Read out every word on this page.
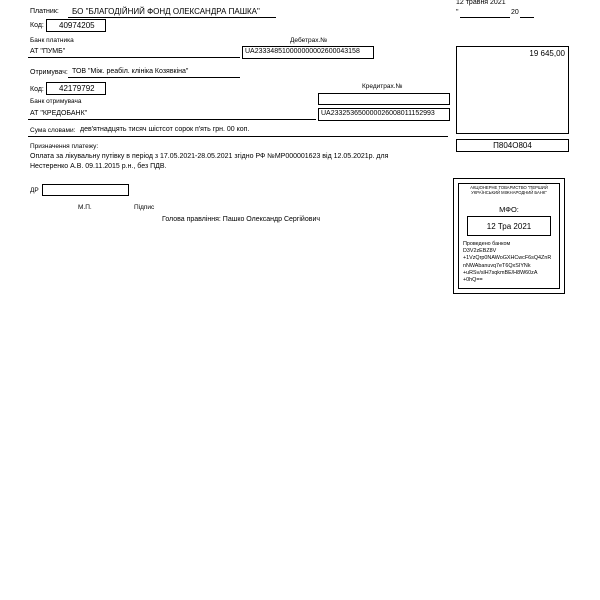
12 травня 2021
"	20
Платник: БО "БЛАГОДІЙНИЙ ФОНД ОЛЕКСАНДРА ПАШКА"
Код:	40974205
Банк платника	Дебетрах.№
АТ "ПУМБ"	UA233348510000000002600043158	19 645,00
Отримувач: ТОВ "Між. реабіл. клініка Козявкіна"
Код:	42179792	Кредитрах.№
Банк отримувача
АТ "КРЕДОБАНК"	UA233253650000026008011152993
Сума словами: дев'ятнадцять тисяч шістсот сорок п'ять грн. 00 коп.
Призначення платежу:
Оплата за лікувальну путівку в період з 17.05.2021-28.05.2021 згідно РФ №МР000001623 від 12.05.2021р. для
Нестеренко А.В. 09.11.2015 р.н., без ПДВ.
П804О804
ДР
М.П.	Підпис
Голова правління: Пашко Олександр Сергійович
АКЦІОНЕРНЕ ТОВАРИСТВО "ПЕРШИЙ УКРАЇНСЬКИЙ МІЖНАРОДНИЙ БАНК"
МФО:
12 Тра 2021
Проведено банком
D3V2zEBZ8V
+1VzQrp0NAWoGXHCwcF6sQ4ZnR
nNWAbanuvq7eT6QxSIYNk
+uRSv/slH7sqkmBE/H8W60zA
+0hQ==
